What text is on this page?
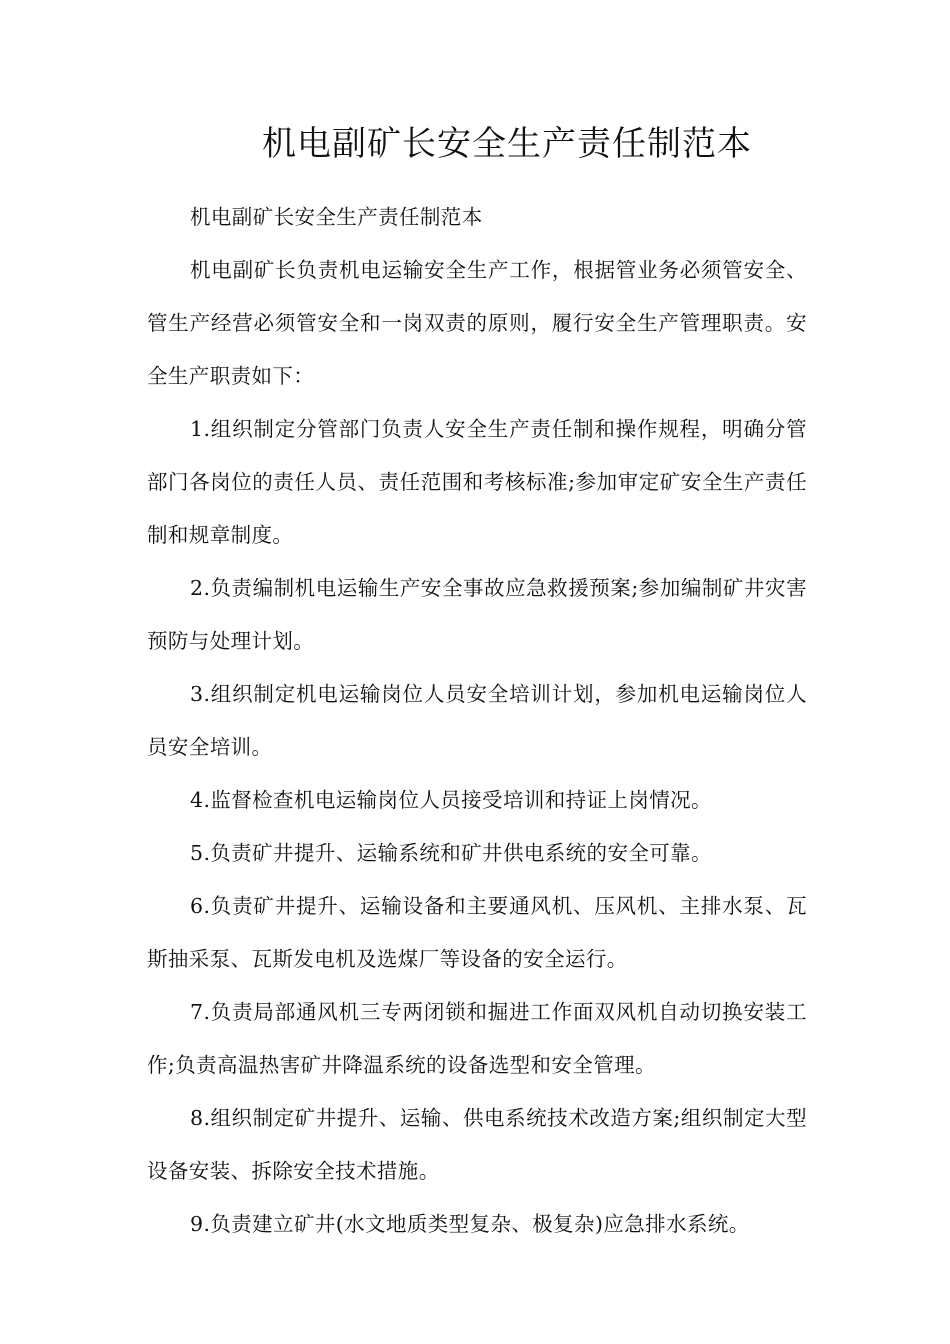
机电副矿长安全生产责任制范本

机电副矿长安全生产责任制范本

机电副矿长负责机电运输安全生产工作，根据管业务必须管安全、管生产经营必须管安全和一岗双责的原则，履行安全生产管理职责。安全生产职责如下：

1.组织制定分管部门负责人安全生产责任制和操作规程，明确分管部门各岗位的责任人员、责任范围和考核标准;参加审定矿安全生产责任制和规章制度。

2.负责编制机电运输生产安全事故应急救援预案;参加编制矿井灾害预防与处理计划。

3.组织制定机电运输岗位人员安全培训计划，参加机电运输岗位人员安全培训。

4.监督检查机电运输岗位人员接受培训和持证上岗情况。

5.负责矿井提升、运输系统和矿井供电系统的安全可靠。

6.负责矿井提升、运输设备和主要通风机、压风机、主排水泵、瓦斯抽采泵、瓦斯发电机及选煤厂等设备的安全运行。

7.负责局部通风机三专两闭锁和掘进工作面双风机自动切换安装工作;负责高温热害矿井降温系统的设备选型和安全管理。

8.组织制定矿井提升、运输、供电系统技术改造方案;组织制定大型设备安装、拆除安全技术措施。

9.负责建立矿井(水文地质类型复杂、极复杂)应急排水系统。
